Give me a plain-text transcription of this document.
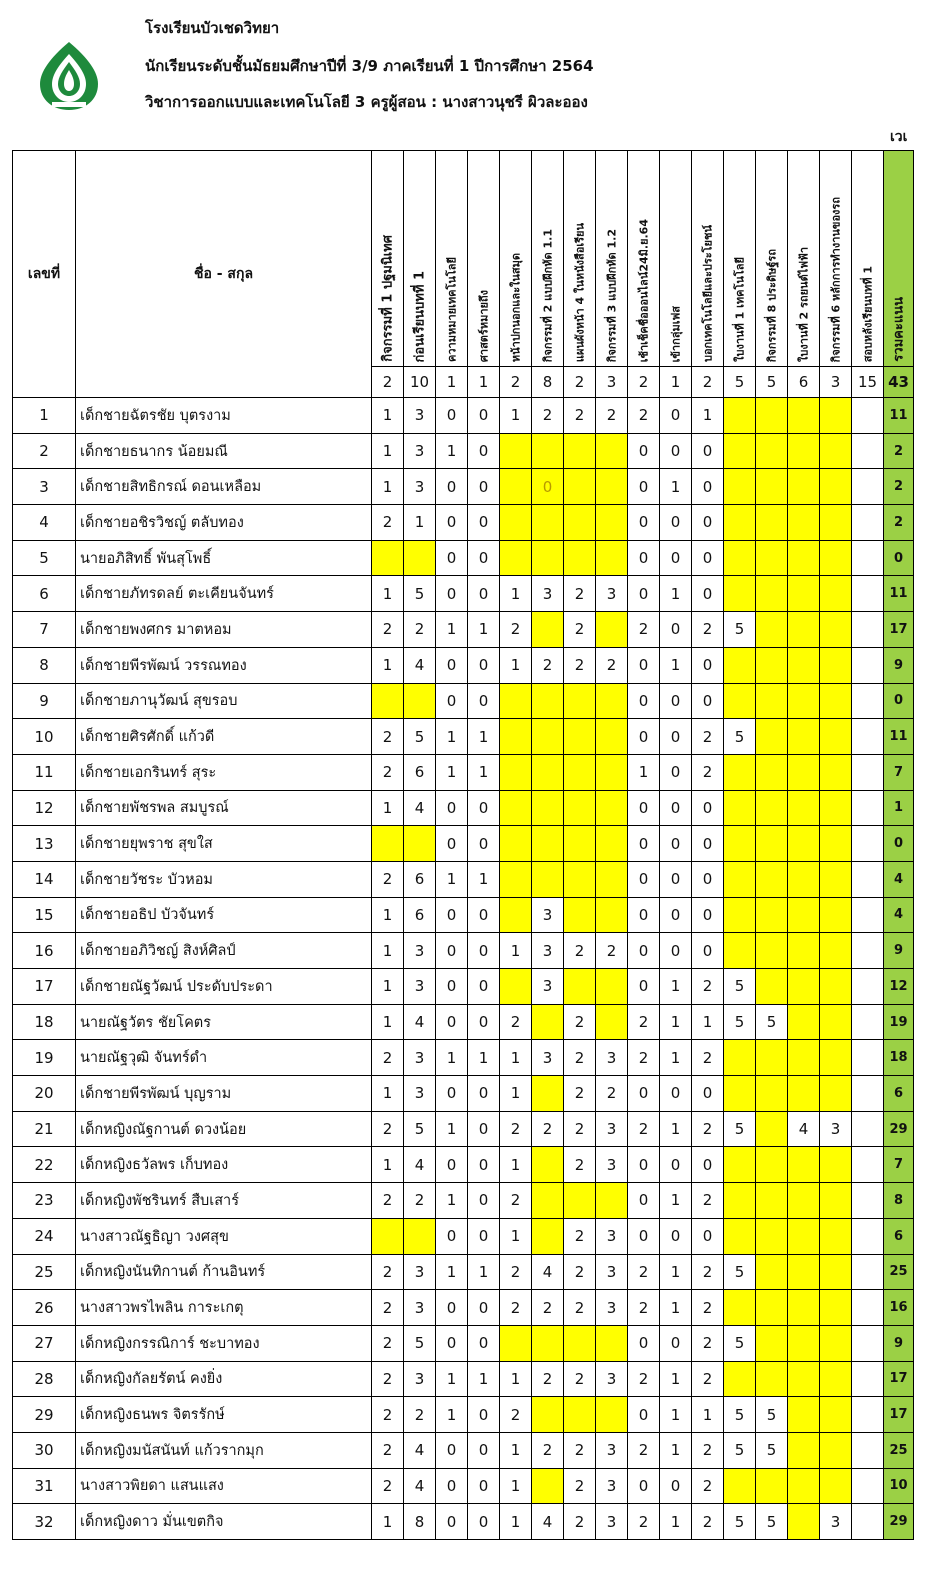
โรงเรียนบัวเชดวิทยา
นักเรียนระดับชั้นมัธยมศึกษาปีที่ 3/9 ภาคเรียนที่ 1 ปีการศึกษา 2564
วิชาการออกแบบและเทคโนโลยี 3 ครูผู้สอน : นางสาวนุชรี ผิวละออง
เวเ
เลขที่	ชื่อ - สกุล	กิจกรรมที่ 1 ปฐมนิเทศ	ก่อนเรียนบทที่ 1	ความหมายเทคโนโลยี	ศาสตร์หมายถึง	หน้าปกนอกและในสมุด	กิจกรรมที่ 2 แบบฝึกหัด 1.1	แผนผังหน้า 4 ในหนังสือเรียน	กิจกรรมที่ 3 แบบฝึกหัด 1.2	เช้าเช็คชื่อออนไลน์24มิ.ย.64	เข้ากลุ่มเฟส	บอกเทคโนโลยีและประโยชน์	ใบงานที่ 1 เทคโนโลยี	กิจกรรมที่ 8 ประดิษฐ์รถ	ใบงานที่ 2 รถยนต์ไฟฟ้า	กิจกรรมที่ 6 หลักการทำงานของรถ	สอบหลังเรียนบทที่ 1	รวมคะแนน

		2	10	1	1	2	8	2	3	2	1	2	5	5	6	3	15	43
1	เด็กชายฉัตรชัย บุตรงาม	1	3	0	0	1	2	2	2	2	0	1						11
2	เด็กชายธนากร น้อยมณี	1	3	1	0					0	0	0						2
3	เด็กชายสิทธิกรณ์ ดอนเหลือม	1	3	0	0		0			0	1	0						2
4	เด็กชายอชิรวิชญ์ ตลับทอง	2	1	0	0					0	0	0						2
5	นายอภิสิทธิ์ พันสุโพธิ์			0	0					0	0	0						0
6	เด็กชายภัทรดลย์ ตะเคียนจันทร์	1	5	0	0	1	3	2	3	0	1	0						11
7	เด็กชายพงศกร มาตหอม	2	2	1	1	2		2		2	0	2	5					17
8	เด็กชายพีรพัฒน์ วรรณทอง	1	4	0	0	1	2	2	2	0	1	0						9
9	เด็กชายภานุวัฒน์ สุขรอบ			0	0					0	0	0						0
10	เด็กชายศิรศักดิ์ แก้วดี	2	5	1	1					0	0	2	5					11
11	เด็กชายเอกรินทร์ สุระ	2	6	1	1					1	0	2						7
12	เด็กชายพัชรพล สมบูรณ์	1	4	0	0					0	0	0						1
13	เด็กชายยุพราช สุขใส			0	0					0	0	0						0
14	เด็กชายวัชระ บัวหอม	2	6	1	1					0	0	0						4
15	เด็กชายอธิป บัวจันทร์	1	6	0	0		3			0	0	0						4
16	เด็กชายอภิวิชญ์ สิงห์ศิลป์	1	3	0	0	1	3	2	2	0	0	0						9
17	เด็กชายณัฐวัฒน์ ประดับประดา	1	3	0	0		3			0	1	2	5					12
18	นายณัฐวัตร ชัยโคตร	1	4	0	0	2		2		2	1	1	5	5				19
19	นายณัฐวุฒิ จันทร์ดำ	2	3	1	1	1	3	2	3	2	1	2						18
20	เด็กชายพีรพัฒน์ บุญราม	1	3	0	0	1		2	2	0	0	0						6
21	เด็กหญิงณัฐกานต์ ดวงน้อย	2	5	1	0	2	2	2	3	2	1	2	5		4	3		29
22	เด็กหญิงธวัลพร เก็บทอง	1	4	0	0	1		2	3	0	0	0						7
23	เด็กหญิงพัชรินทร์ สืบเสาร์	2	2	1	0	2				0	1	2						8
24	นางสาวณัฐธิญา วงศสุข			0	0	1		2	3	0	0	0						6
25	เด็กหญิงนันทิกานต์ ก้านอินทร์	2	3	1	1	2	4	2	3	2	1	2	5					25
26	นางสาวพรไพลิน การะเกตุ	2	3	0	0	2	2	2	3	2	1	2						16
27	เด็กหญิงกรรณิการ์ ชะบาทอง	2	5	0	0					0	0	2	5					9
28	เด็กหญิงกัลยรัตน์ คงยิ่ง	2	3	1	1	1	2	2	3	2	1	2						17
29	เด็กหญิงธนพร จิตรรักษ์	2	2	1	0	2				0	1	1	5	5				17
30	เด็กหญิงมนัสนันท์ แก้วรากมุก	2	4	0	0	1	2	2	3	2	1	2	5	5				25
31	นางสาวพิยดา แสนแสง	2	4	0	0	1		2	3	0	0	2						10
32	เด็กหญิงดาว มั่นเขตกิจ	1	8	0	0	1	4	2	3	2	1	2	5	5		3		29
